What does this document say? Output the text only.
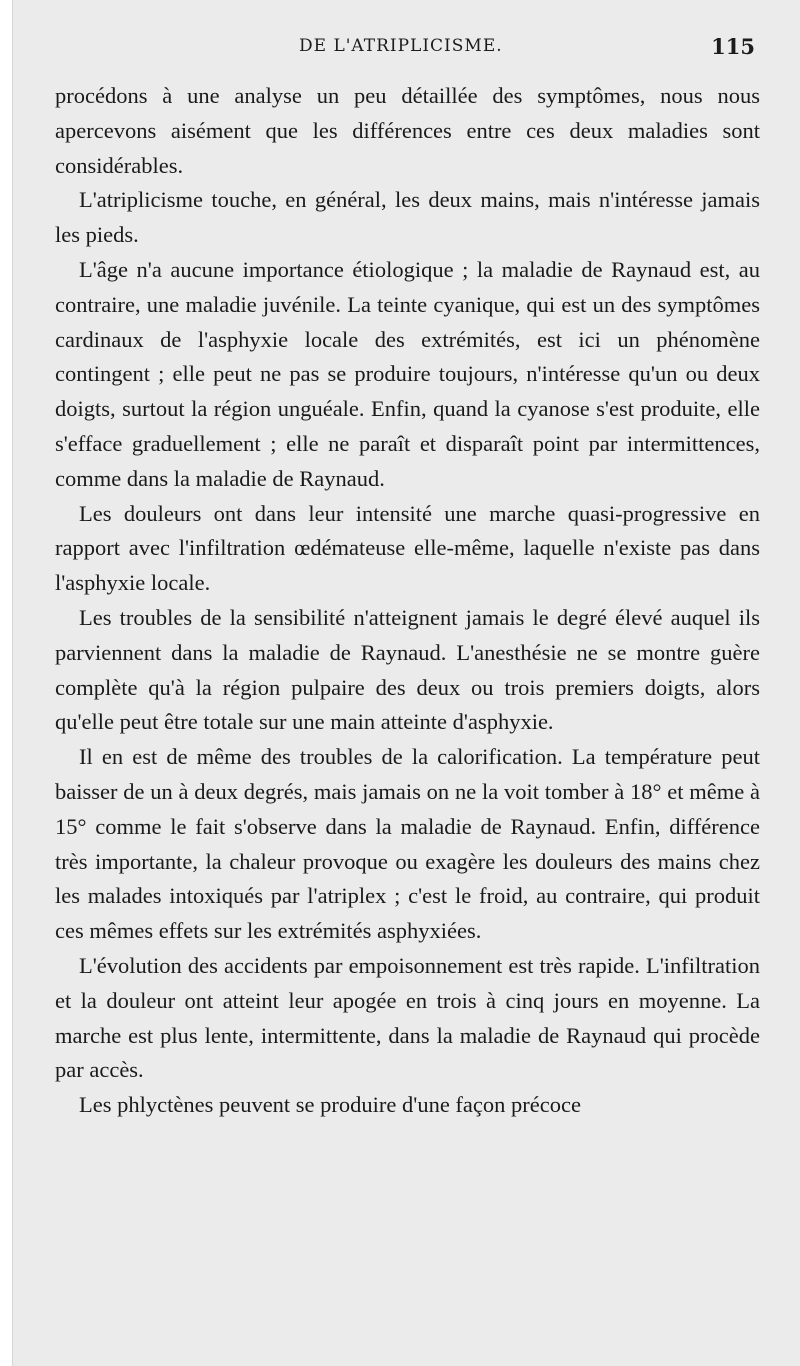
DE L'ATRIPLICISME.	115

procédons à une analyse un peu détaillée des symptômes, nous nous apercevons aisément que les différences entre ces deux maladies sont considérables.

L'atriplicisme touche, en général, les deux mains, mais n'intéresse jamais les pieds.

L'âge n'a aucune importance étiologique ; la maladie de Raynaud est, au contraire, une maladie juvénile. La teinte cyanique, qui est un des symptômes cardinaux de l'asphyxie locale des extrémités, est ici un phénomène contingent ; elle peut ne pas se produire toujours, n'intéresse qu'un ou deux doigts, surtout la région unguéale. Enfin, quand la cyanose s'est produite, elle s'efface graduellement ; elle ne paraît et disparaît point par intermittences, comme dans la maladie de Raynaud.

Les douleurs ont dans leur intensité une marche quasi-progressive en rapport avec l'infiltration œdémateuse elle-même, laquelle n'existe pas dans l'asphyxie locale.

Les troubles de la sensibilité n'atteignent jamais le degré élevé auquel ils parviennent dans la maladie de Raynaud. L'anesthésie ne se montre guère complète qu'à la région pulpaire des deux ou trois premiers doigts, alors qu'elle peut être totale sur une main atteinte d'asphyxie.

Il en est de même des troubles de la calorification. La température peut baisser de un à deux degrés, mais jamais on ne la voit tomber à 18° et même à 15° comme le fait s'observe dans la maladie de Raynaud. Enfin, différence très importante, la chaleur provoque ou exagère les douleurs des mains chez les malades intoxiqués par l'atriplex ; c'est le froid, au contraire, qui produit ces mêmes effets sur les extrémités asphyxiées.

L'évolution des accidents par empoisonnement est très rapide. L'infiltration et la douleur ont atteint leur apogée en trois à cinq jours en moyenne. La marche est plus lente, intermittente, dans la maladie de Raynaud qui procède par accès.

Les phlyctènes peuvent se produire d'une façon précoce
